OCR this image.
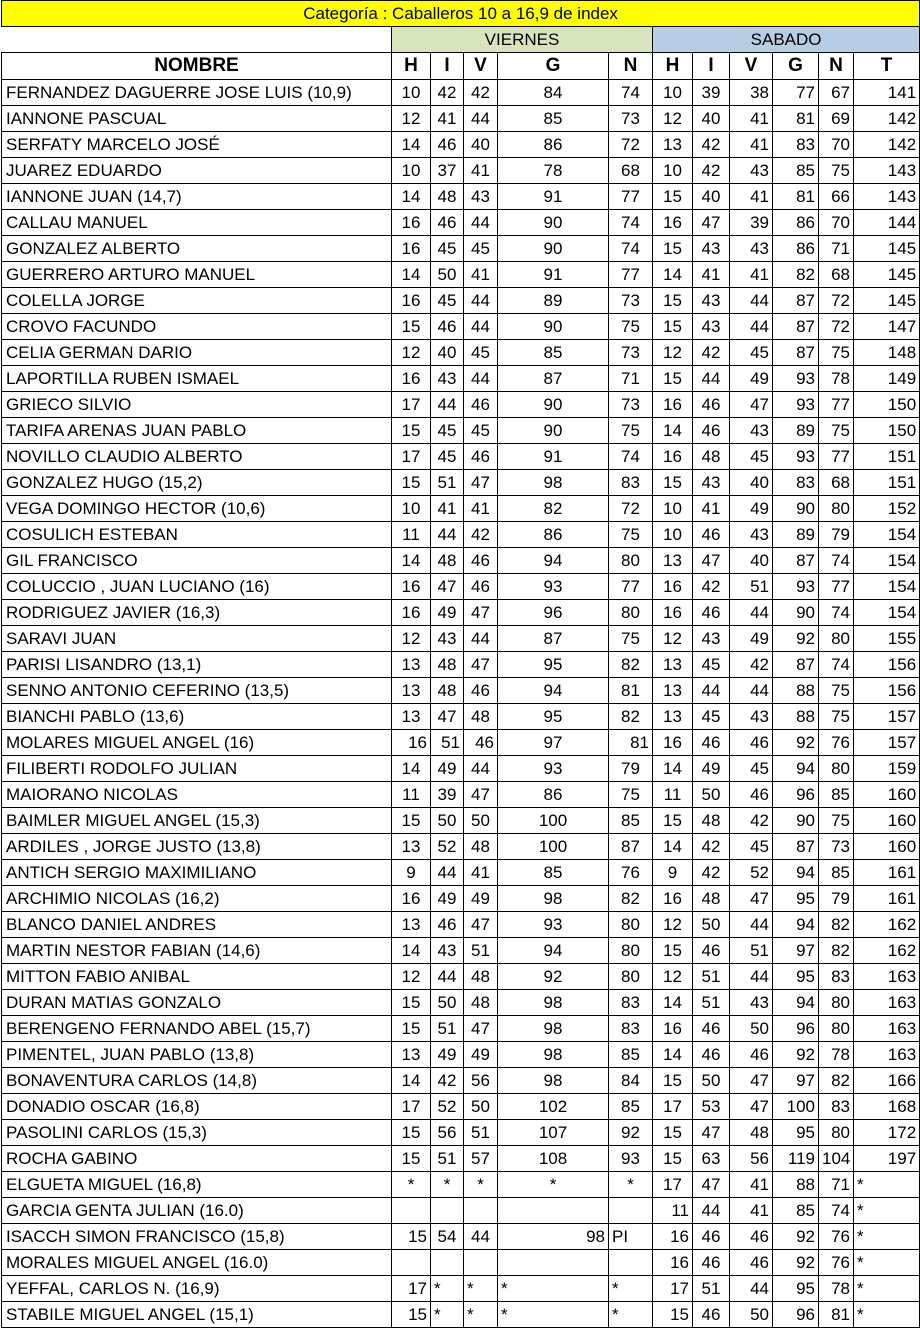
Categoría : Caballeros 10 a 16,9 de index											
	VIERNES					SABADO					
NOMBRE	H	I	V	G	N	H	I	V	G	N	T
FERNANDEZ DAGUERRE JOSE LUIS (10,9)	10	42	42	84	74	10	39	38	77	67	141
IANNONE PASCUAL	12	41	44	85	73	12	40	41	81	69	142
SERFATY MARCELO JOSÉ	14	46	40	86	72	13	42	41	83	70	142
JUAREZ EDUARDO	10	37	41	78	68	10	42	43	85	75	143
IANNONE JUAN (14,7)	14	48	43	91	77	15	40	41	81	66	143
CALLAU MANUEL	16	46	44	90	74	16	47	39	86	70	144
GONZALEZ ALBERTO	16	45	45	90	74	15	43	43	86	71	145
GUERRERO ARTURO MANUEL	14	50	41	91	77	14	41	41	82	68	145
COLELLA JORGE	16	45	44	89	73	15	43	44	87	72	145
CROVO FACUNDO	15	46	44	90	75	15	43	44	87	72	147
CELIA GERMAN DARIO	12	40	45	85	73	12	42	45	87	75	148
LAPORTILLA RUBEN ISMAEL	16	43	44	87	71	15	44	49	93	78	149
GRIECO SILVIO	17	44	46	90	73	16	46	47	93	77	150
TARIFA ARENAS JUAN PABLO	15	45	45	90	75	14	46	43	89	75	150
NOVILLO CLAUDIO ALBERTO	17	45	46	91	74	16	48	45	93	77	151
GONZALEZ HUGO (15,2)	15	51	47	98	83	15	43	40	83	68	151
VEGA DOMINGO HECTOR (10,6)	10	41	41	82	72	10	41	49	90	80	152
COSULICH ESTEBAN	11	44	42	86	75	10	46	43	89	79	154
GIL FRANCISCO	14	48	46	94	80	13	47	40	87	74	154
COLUCCIO , JUAN LUCIANO (16)	16	47	46	93	77	16	42	51	93	77	154
RODRIGUEZ JAVIER (16,3)	16	49	47	96	80	16	46	44	90	74	154
SARAVI JUAN	12	43	44	87	75	12	43	49	92	80	155
PARISI LISANDRO (13,1)	13	48	47	95	82	13	45	42	87	74	156
SENNO ANTONIO CEFERINO (13,5)	13	48	46	94	81	13	44	44	88	75	156
BIANCHI PABLO (13,6)	13	47	48	95	82	13	45	43	88	75	157
MOLARES MIGUEL ANGEL (16)	16	51	46	97	81	16	46	46	92	76	157
FILIBERTI RODOLFO JULIAN	14	49	44	93	79	14	49	45	94	80	159
MAIORANO NICOLAS	11	39	47	86	75	11	50	46	96	85	160
BAIMLER MIGUEL ANGEL (15,3)	15	50	50	100	85	15	48	42	90	75	160
ARDILES , JORGE JUSTO (13,8)	13	52	48	100	87	14	42	45	87	73	160
ANTICH SERGIO MAXIMILIANO	9	44	41	85	76	9	42	52	94	85	161
ARCHIMIO NICOLAS (16,2)	16	49	49	98	82	16	48	47	95	79	161
BLANCO DANIEL ANDRES	13	46	47	93	80	12	50	44	94	82	162
MARTIN NESTOR FABIAN (14,6)	14	43	51	94	80	15	46	51	97	82	162
MITTON FABIO ANIBAL	12	44	48	92	80	12	51	44	95	83	163
DURAN MATIAS GONZALO	15	50	48	98	83	14	51	43	94	80	163
BERENGENO FERNANDO ABEL (15,7)	15	51	47	98	83	16	46	50	96	80	163
PIMENTEL, JUAN PABLO (13,8)	13	49	49	98	85	14	46	46	92	78	163
BONAVENTURA CARLOS (14,8)	14	42	56	98	84	15	50	47	97	82	166
DONADIO OSCAR (16,8)	17	52	50	102	85	17	53	47	100	83	168
PASOLINI CARLOS (15,3)	15	56	51	107	92	15	47	48	95	80	172
ROCHA GABINO	15	51	57	108	93	15	63	56	119	104	197
ELGUETA MIGUEL (16,8)	*	*	*	*	*	17	47	41	88	71	*
GARCIA GENTA JULIAN (16.0)						11	44	41	85	74	*
ISACCH SIMON FRANCISCO (15,8)	15	54	44	98	PI	16	46	46	92	76	*
MORALES MIGUEL ANGEL (16.0)						16	46	46	92	76	*
YEFFAL, CARLOS N. (16,9)	17	*	*	*	*	17	51	44	95	78	*
STABILE MIGUEL ANGEL (15,1)	15	*	*	*	*	15	46	50	96	81	*
